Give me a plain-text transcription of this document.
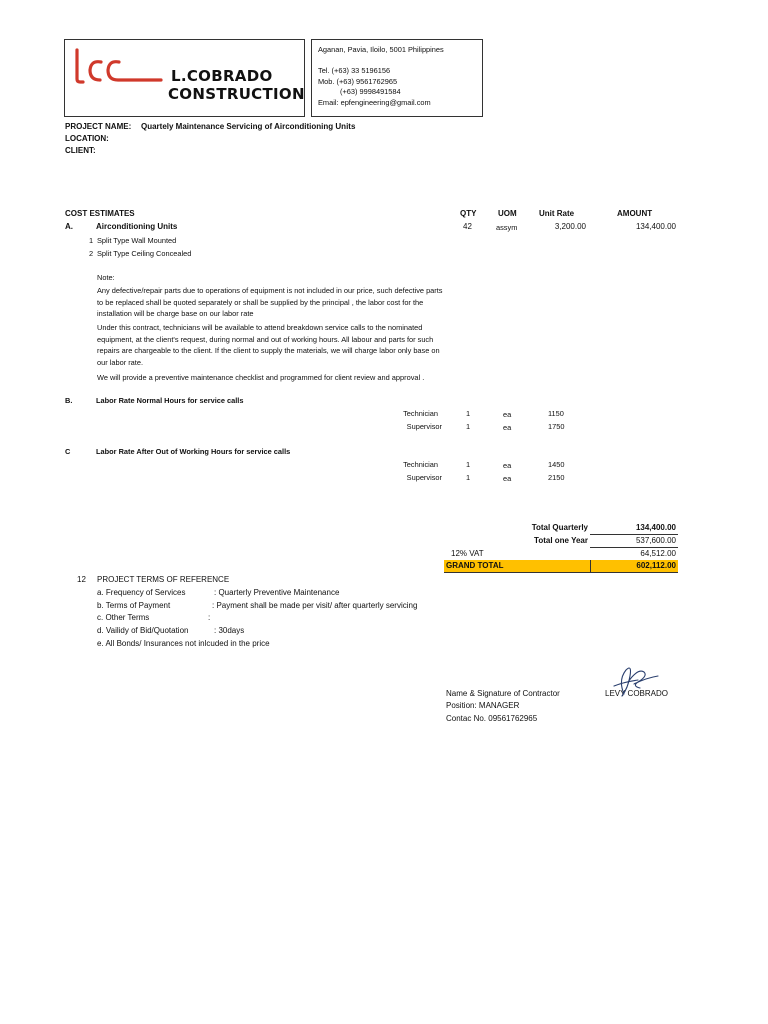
L.COBRADO
CONSTRUCTION
Aganan, Pavia, Iloilo, 5001 Philippines
Tel. (+63) 33 5196156
Mob. (+63) 9561762965
(+63) 9998491584
Email: epfengineering@gmail.com
PROJECT NAME: Quartely Maintenance Servicing of Airconditioning Units
LOCATION:
CLIENT:
COST ESTIMATES	QTY	UOM	Unit Rate	AMOUNT
A.	Airconditioning Units	42	assym	3,200.00	134,400.00
1 Split Type Wall Mounted
2 Split Type Ceiling Concealed
Note:
Any defective/repair parts due to operations of equipment is not included in our price, such defective parts to be replaced shall be quoted separately or shall be supplied by the principal , the labor cost for the installation will be charge base on our labor rate
Under this contract, technicians will be available to attend breakdown service calls to the nominated equipment, at the client's request, during normal and out of working hours. All labour and parts for such repairs are chargeable to the client. If the client to supply the materials, we will charge labor only base on our labor rate.
We will provide a preventive maintenance checklist and programmed for client review and approval .
B.	Labor Rate Normal Hours for service calls
Technician	1	ea	1150
Supervisor	1	ea	1750
C	Labor Rate After Out of Working Hours for service calls
Technician	1	ea	1450
Supervisor	1	ea	2150
Total Quarterly	134,400.00
Total one Year	537,600.00
12% VAT	64,512.00
GRAND TOTAL	602,112.00
12 PROJECT TERMS OF REFERENCE
a. Frequency of Services	: Quarterly Preventive Maintenance
b. Terms of Payment	: Payment shall be made per visit/ after quarterly servicing
c. Other Terms	:
d. Vailidy of Bid/Quotation	: 30days
e. All Bonds/ Insurances not inlcuded in the price
Name & Signature of Contractor	LEVY COBRADO
Position: MANAGER
Contac No. 09561762965
